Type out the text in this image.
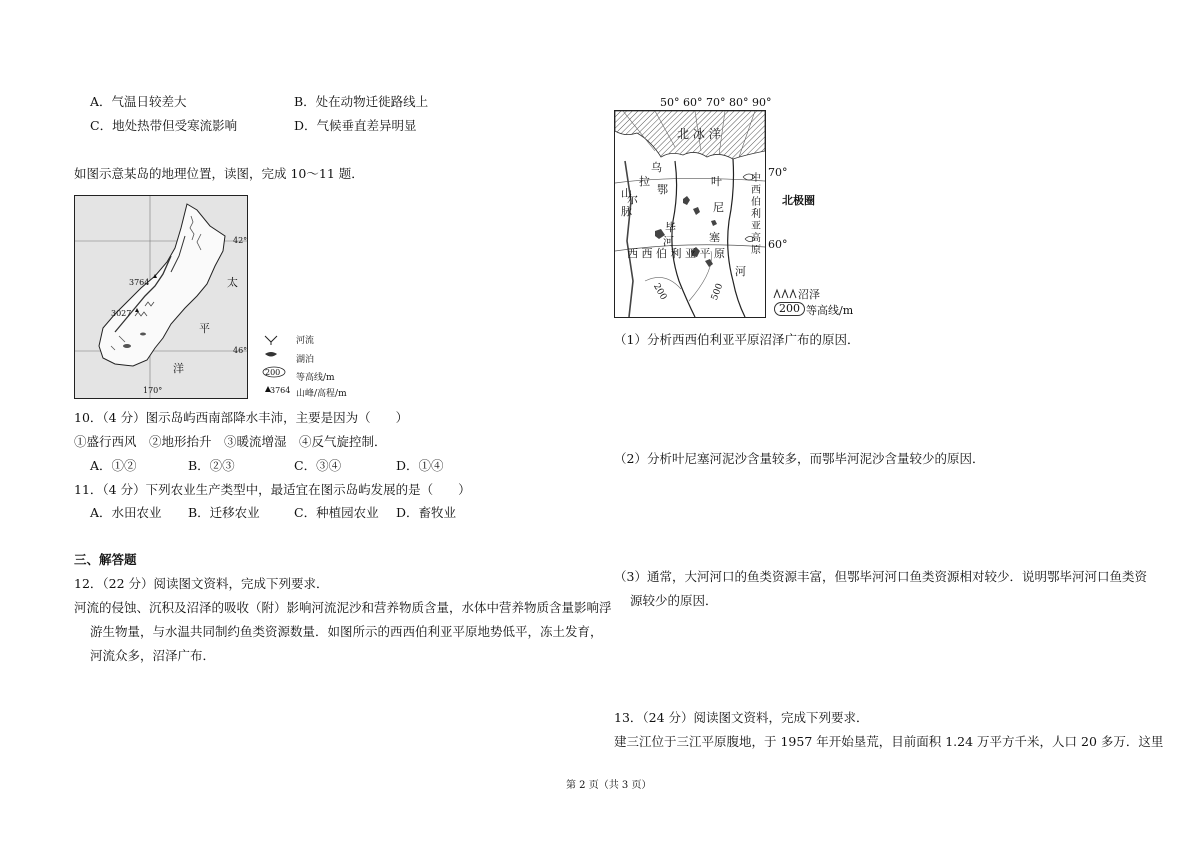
A．气温日较差大	B．处在动物迁徙路线上
C．地处热带但受寒流影响	D．气候垂直差异明显
如图示意某岛的地理位置，读图，完成 10～11 题．
42°
46°
170°
3764
3027
太
平
洋
河流
湖泊
200
等高线/m
3764 山峰/高程/m
10．（4 分）图示岛屿西南部降水丰沛，主要是因为（　　）
①盛行西风　②地形抬升　③暖流增湿　④反气旋控制．
A．①②	B．②③	C．③④	D．①④
11．（4 分）下列农业生产类型中，最适宜在图示岛屿发展的是（　　）
A．水田农业 B．迁移农业	C．种植园农业 D．畜牧业
三、解答题
12．（22 分）阅读图文资料，完成下列要求．
河流的侵蚀、沉积及沼泽的吸收（附）影响河流泥沙和营养物质含量，水体中营养物质含量影响浮
游生物量，与水温共同制约鱼类资源数量．如图所示的西西伯利亚平原地势低平，冻土发育，
河流众多，沼泽广布．
50° 60° 70° 80° 90°
北 冰 洋
乌
拉
尔
山
脉
鄂
毕
河
叶
尼
塞
河
中西伯利亚高原
西 西 伯 利 亚 平 原
200	500
70°
北极圈
60°
沼泽
200 等高线/m
（1）分析西西伯利亚平原沼泽广布的原因．
（2）分析叶尼塞河泥沙含量较多，而鄂毕河泥沙含量较少的原因．
（3）通常，大河河口的鱼类资源丰富，但鄂毕河河口鱼类资源相对较少．说明鄂毕河河口鱼类资
源较少的原因．
13．（24 分）阅读图文资料，完成下列要求．
建三江位于三江平原腹地，于 1957 年开始垦荒，目前面积 1.24 万平方千米，人口 20 多万．这里
第 2 页（共 3 页）
